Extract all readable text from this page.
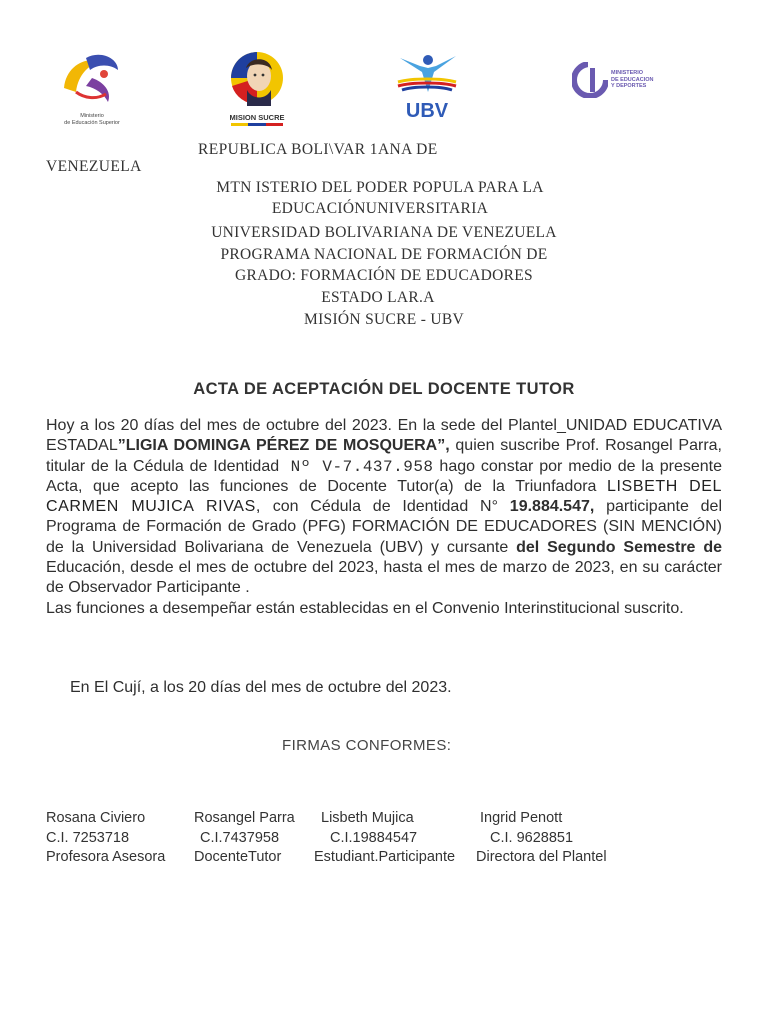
Ministerio
de Educación Superior
MISION SUCRE	UBV
MINISTERIO
DE EDUCACION
Y DEPORTES
REPUBLICA BOLI\VAR 1ANA DE
VENEZUELA
MTN ISTERIO DEL PODER POPULA PARA LA
EDUCACIÓNUNIVERSITARIA
UNIVERSIDAD BOLIVARIANA DE VENEZUELA
PROGRAMA NACIONAL DE FORMACIÓN DE
GRADO: FORMACIÓN DE EDUCADORES
ESTADO LAR.A
MISIÓN SUCRE - UBV
ACTA DE ACEPTACIÓN DEL DOCENTE TUTOR

Hoy a los 20 días del mes de octubre del 2023. En la sede del Plantel_UNIDAD EDUCATIVA ESTADAL”LIGIA DOMINGA PÉREZ DE MOSQUERA”, quien suscribe Prof. Rosangel Parra, titular de la Cédula de Identidad Nº V-7.437.958 hago constar por medio de la presente Acta, que acepto las funciones de Docente Tutor(a) de la Triunfadora LISBETH DEL CARMEN MUJICA RIVAS, con Cédula de Identidad N° 19.884.547, participante del Programa de Formación de Grado (PFG) FORMACIÓN DE EDUCADORES (SIN MENCIÓN) de la Universidad Bolivariana de Venezuela (UBV) y cursante del Segundo Semestre de Educación, desde el mes de octubre del 2023, hasta el mes de marzo de 2023, en su carácter de Observador Participante .

Las funciones a desempeñar están establecidas en el Convenio Interinstitucional suscrito.

En El Cují, a los 20 días del mes de octubre del 2023.
FIRMAS CONFORMES:
Rosana Civiero
C.I. 7253718
Profesora Asesora
Rosangel Parra
C.I.7437958
DocenteTutor
Lisbeth Mujica
C.I.19884547
Estudiant.Participante
Ingrid Penott
C.I. 9628851
Directora del Plantel
